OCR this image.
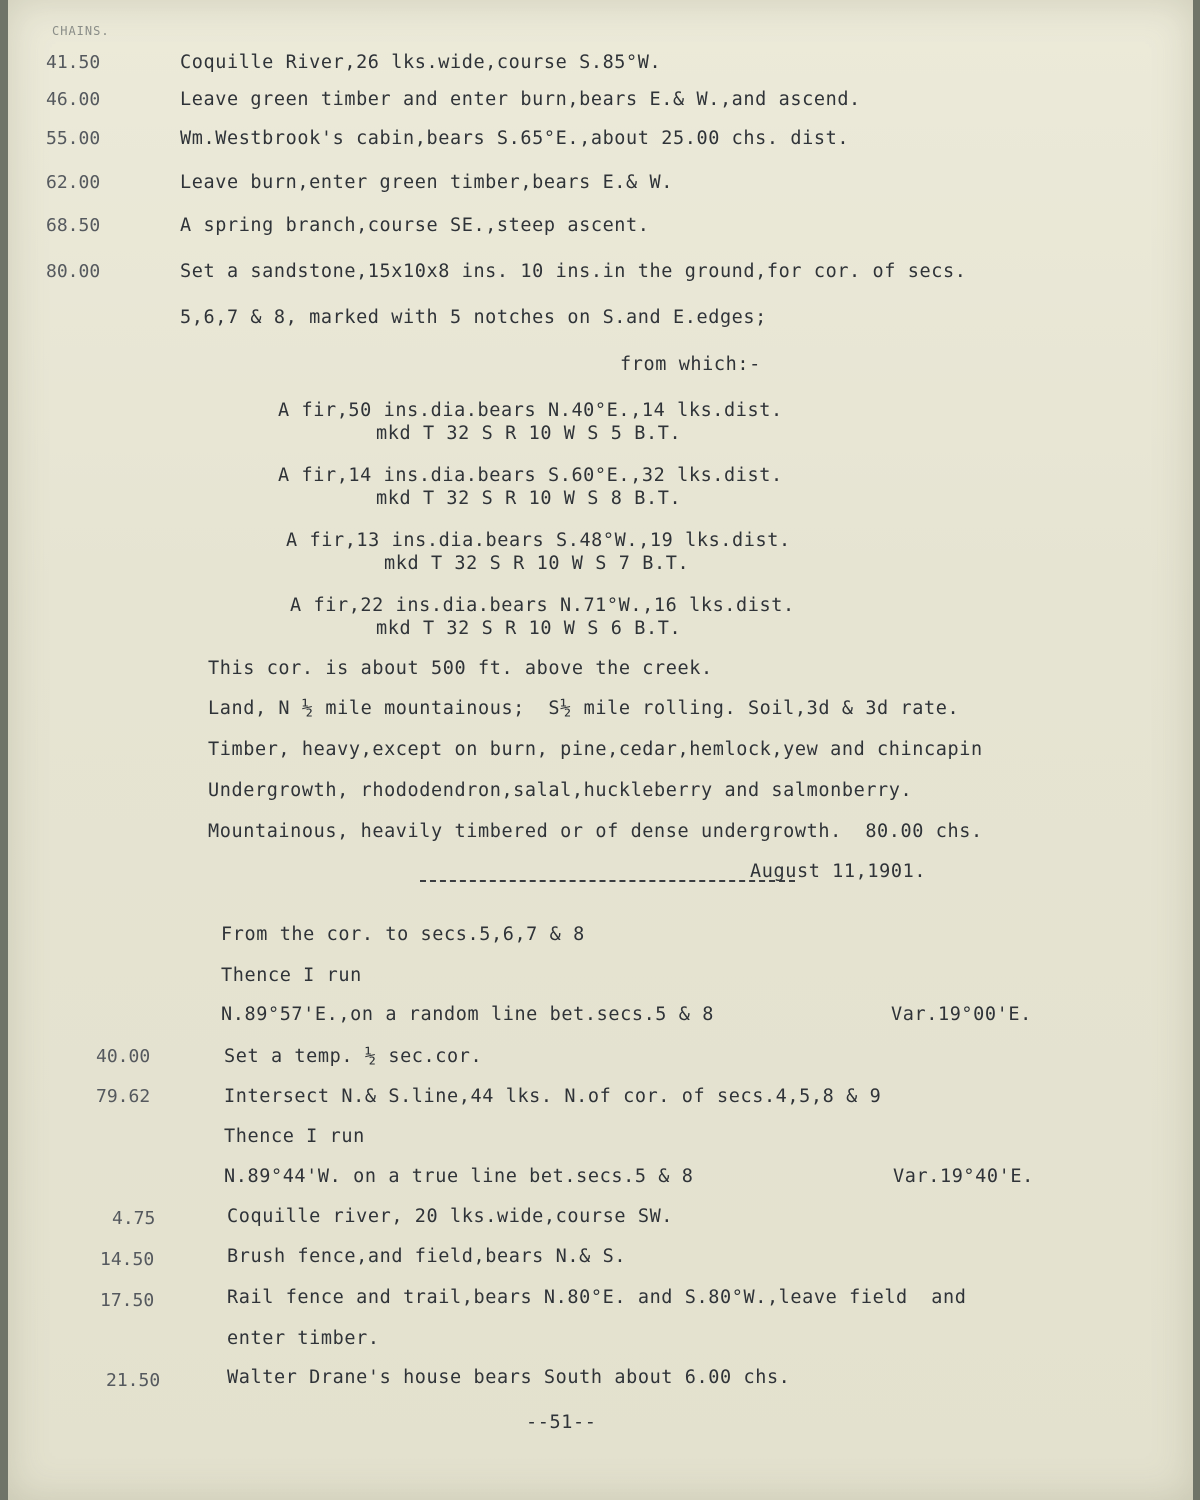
CHAINS.
41.50	Coquille River,26 lks.wide,course S.85°W.
46.00	Leave green timber and enter burn,bears E.& W.,and ascend.
55.00	Wm.Westbrook's cabin,bears S.65°E.,about 25.00 chs. dist.
62.00	Leave burn,enter green timber,bears E.& W.
68.50	A spring branch,course SE.,steep ascent.
80.00	Set a sandstone,15x10x8 ins. 10 ins.in the ground,for cor. of secs.
5,6,7 & 8, marked with 5 notches on S.and E.edges;
from which:-
A fir,50 ins.dia.bears N.40°E.,14 lks.dist.
mkd T 32 S R 10 W S 5 B.T.
A fir,14 ins.dia.bears S.60°E.,32 lks.dist.
mkd T 32 S R 10 W S 8 B.T.
A fir,13 ins.dia.bears S.48°W.,19 lks.dist.
mkd T 32 S R 10 W S 7 B.T.
A fir,22 ins.dia.bears N.71°W.,16 lks.dist.
mkd T 32 S R 10 W S 6 B.T.
This cor. is about 500 ft. above the creek.
Land, N ½ mile mountainous;  S½ mile rolling. Soil,3d & 3d rate.
Timber, heavy,except on burn, pine,cedar,hemlock,yew and chincapin
Undergrowth, rhododendron,salal,huckleberry and salmonberry.
Mountainous, heavily timbered or of dense undergrowth.  80.00 chs.
August 11,1901.
From the cor. to secs.5,6,7 & 8
Thence I run
N.89°57'E.,on a random line bet.secs.5 & 8	Var.19°00'E.
40.00	Set a temp. ½ sec.cor.
79.62	Intersect N.& S.line,44 lks. N.of cor. of secs.4,5,8 & 9
Thence I run
N.89°44'W. on a true line bet.secs.5 & 8	Var.19°40'E.
4.75	Coquille river, 20 lks.wide,course SW.
14.50	Brush fence,and field,bears N.& S.
17.50	Rail fence and trail,bears N.80°E. and S.80°W.,leave field  and
enter timber.
21.50	Walter Drane's house bears South about 6.00 chs.
--51--
